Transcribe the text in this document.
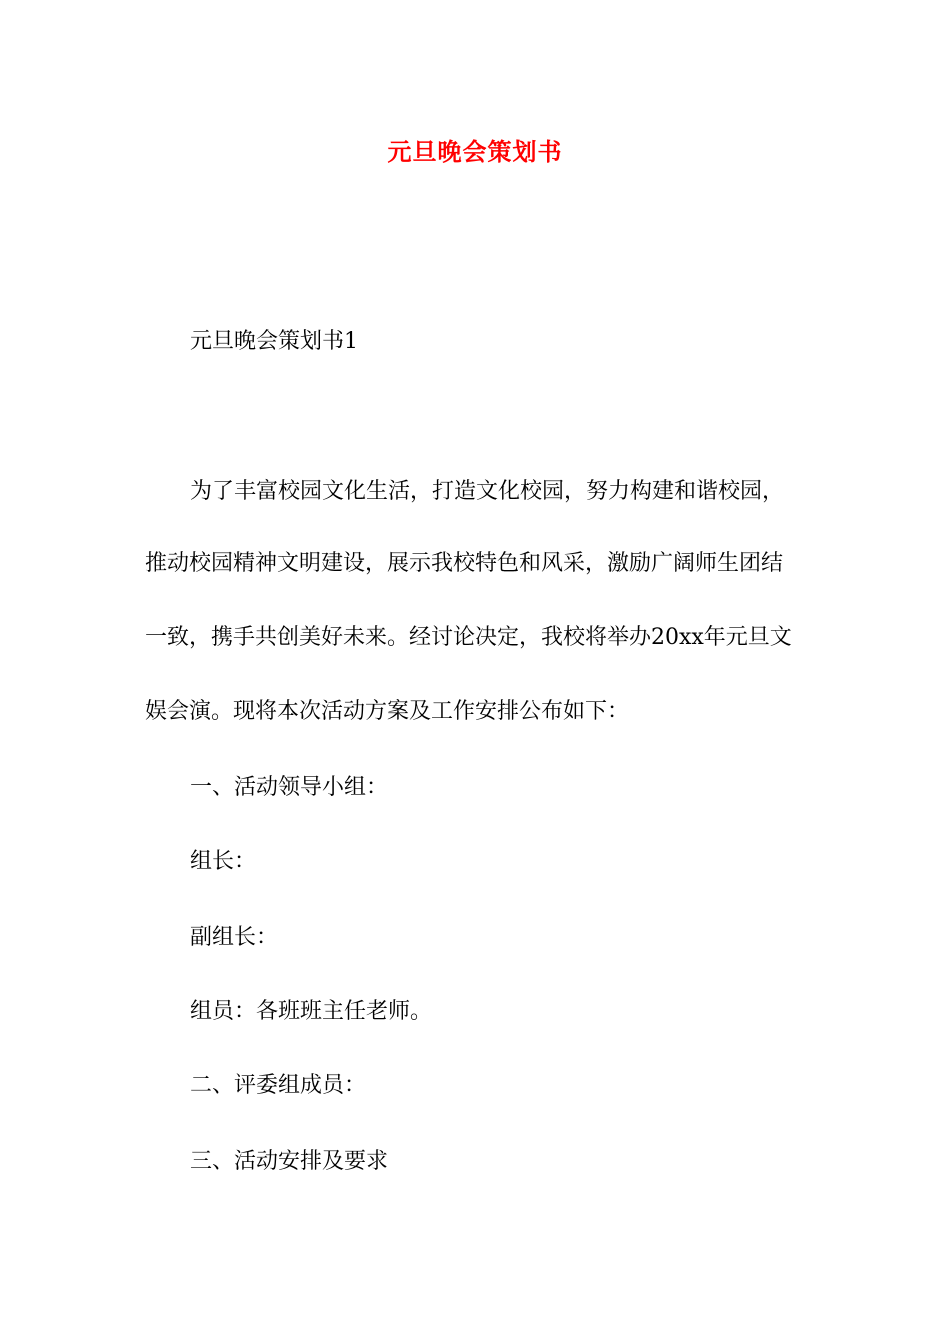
元旦晚会策划书
元旦晚会策划书1
为了丰富校园文化生活，打造文化校园，努力构建和谐校园，
推动校园精神文明建设，展示我校特色和风采，激励广阔师生团结
一致，携手共创美好未来。经讨论决定，我校将举办20xx年元旦文
娱会演。现将本次活动方案及工作安排公布如下：
一、活动领导小组：
组长：
副组长：
组员：各班班主任老师。
二、评委组成员：
三、活动安排及要求
